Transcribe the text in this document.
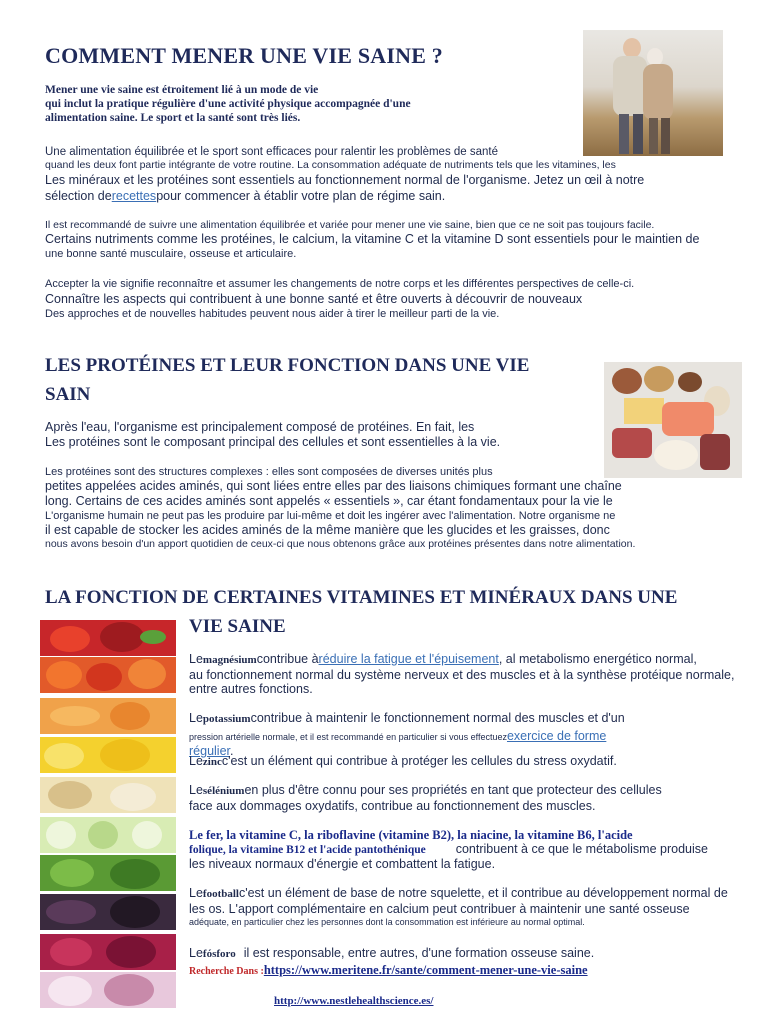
COMMENT MENER UNE VIE SAINE ?
Mener une vie saine est étroitement lié à un mode de vie
qui inclut la pratique régulière d'une activité physique accompagnée d'une
alimentation saine. Le sport et la santé sont très liés.
Une alimentation équilibrée et le sport sont efficaces pour ralentir les problèmes de santé
quand les deux font partie intégrante de votre routine. La consommation adéquate de nutriments tels que les vitamines, les
Les minéraux et les protéines sont essentiels au fonctionnement normal de l'organisme. Jetez un œil à notre
sélection derecettespour commencer à établir votre plan de régime sain.
Il est recommandé de suivre une alimentation équilibrée et variée pour mener une vie saine, bien que ce ne soit pas toujours facile.
Certains nutriments comme les protéines, le calcium, la vitamine C et la vitamine D sont essentiels pour le maintien de
une bonne santé musculaire, osseuse et articulaire.
Accepter la vie signifie reconnaître et assumer les changements de notre corps et les différentes perspectives de celle-ci.
Connaître les aspects qui contribuent à une bonne santé et être ouverts à découvrir de nouveaux
Des approches et de nouvelles habitudes peuvent nous aider à tirer le meilleur parti de la vie.
LES PROTÉINES ET LEUR FONCTION DANS UNE VIE
SAIN
Après l'eau, l'organisme est principalement composé de protéines. En fait, les
Les protéines sont le composant principal des cellules et sont essentielles à la vie.
Les protéines sont des structures complexes : elles sont composées de diverses unités plus
petites appelées acides aminés, qui sont liées entre elles par des liaisons chimiques formant une chaîne
long. Certains de ces acides aminés sont appelés « essentiels », car étant fondamentaux pour la vie le
L'organisme humain ne peut pas les produire par lui-même et doit les ingérer avec l'alimentation. Notre organisme ne
il est capable de stocker les acides aminés de la même manière que les glucides et les graisses, donc
nous avons besoin d'un apport quotidien de ceux-ci que nous obtenons grâce aux protéines présentes dans notre alimentation.
LA FONCTION DE CERTAINES VITAMINES ET MINÉRAUX DANS UNE
VIE SAINE
Lemagnésiumcontribue àréduire la fatigue et l'épuisement, al metabolismo energético normal,
au fonctionnement normal du système nerveux et des muscles et à la synthèse protéique normale,
entre autres fonctions.
Lepotassiumcontribue à maintenir le fonctionnement normal des muscles et d'un
pression artérielle normale, et il est recommandé en particulier si vous effectuezexercice de forme
régulier.
Lezincc'est un élément qui contribue à protéger les cellules du stress oxydatif.
Leséléniumen plus d'être connu pour ses propriétés en tant que protecteur des cellules
face aux dommages oxydatifs, contribue au fonctionnement des muscles.
Le fer, la vitamine C, la riboflavine (vitamine B2), la niacine, la vitamine B6, l'acide
folique, la vitamine B12 et l'acide pantothénique contribuent à ce que le métabolisme produise
les niveaux normaux d'énergie et combattent la fatigue.
Lefootballc'est un élément de base de notre squelette, et il contribue au développement normal de
les os. L'apport complémentaire en calcium peut contribuer à maintenir une santé osseuse
adéquate, en particulier chez les personnes dont la consommation est inférieure au normal optimal.
Lefósforo il est responsable, entre autres, d'une formation osseuse saine.
Recherche Dans :https://www.meritene.fr/sante/comment-mener-une-vie-saine
http://www.nestlehealthscience.es/
